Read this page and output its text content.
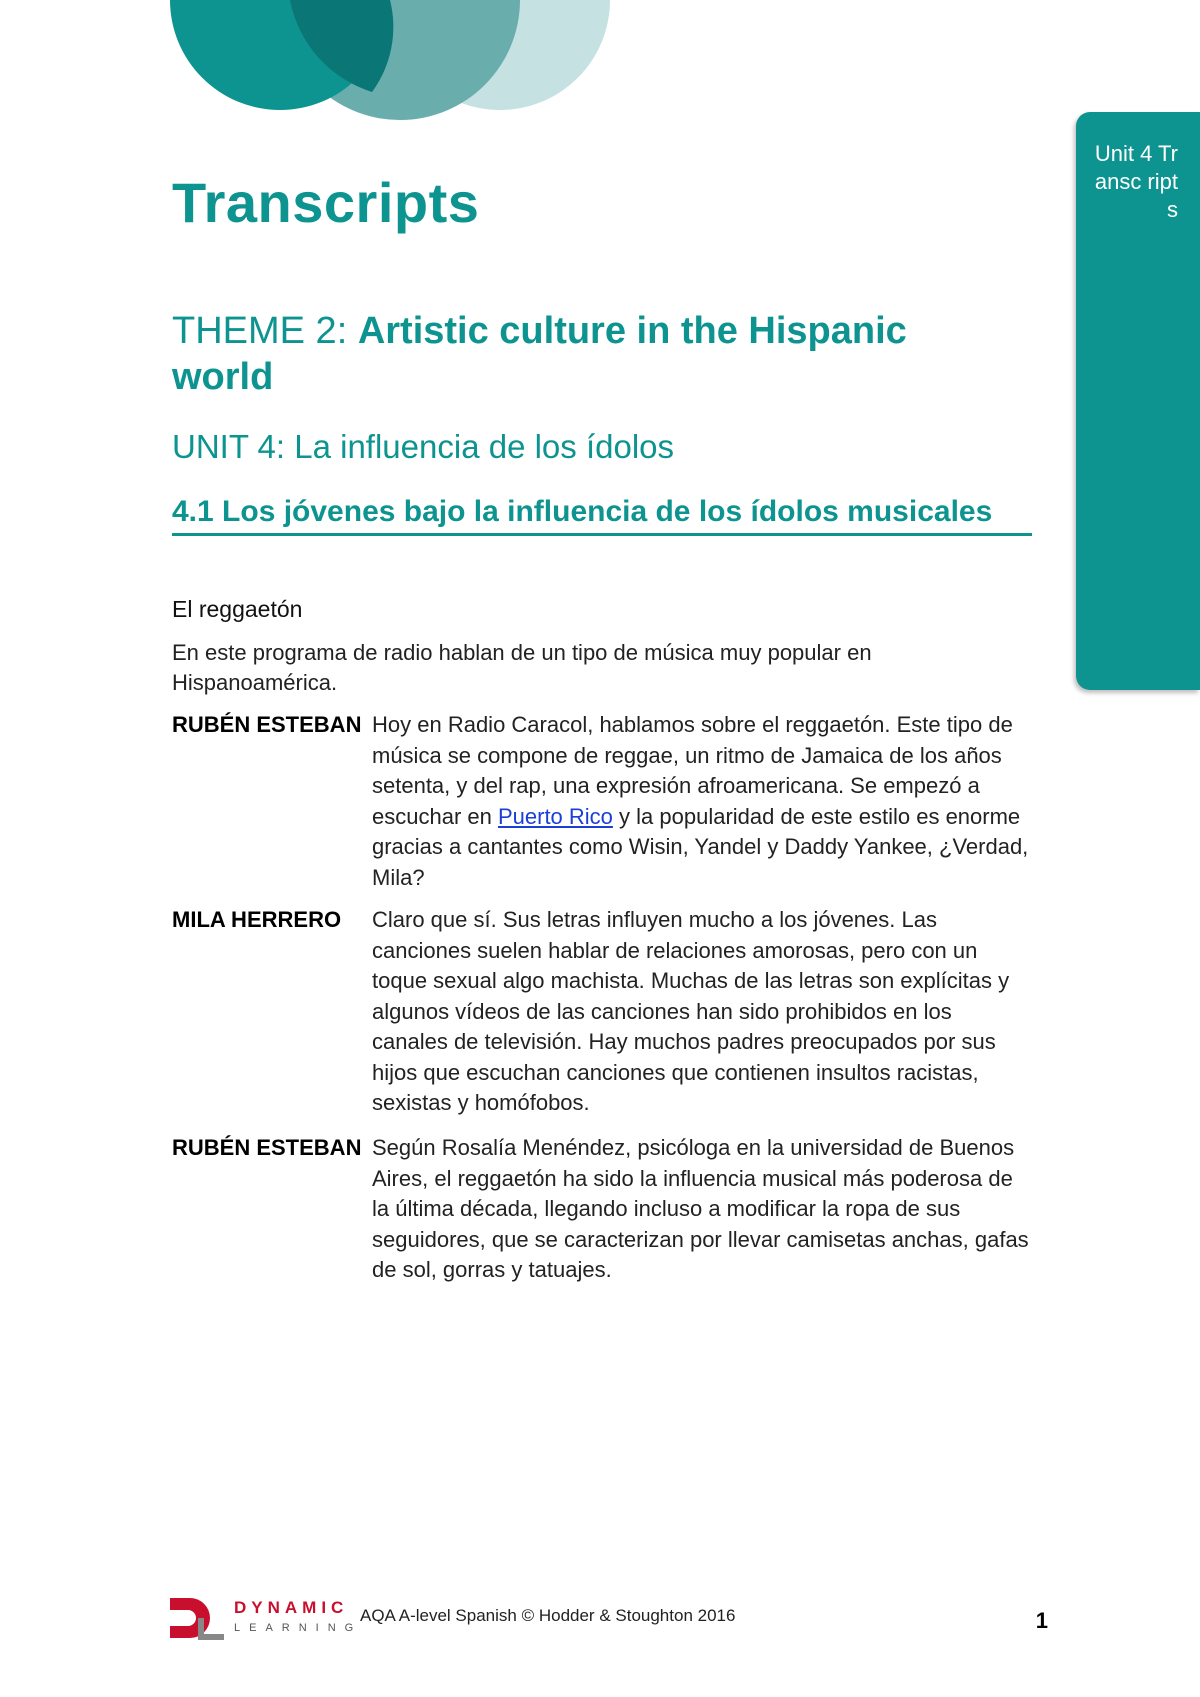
Unit 4 Transc ripts
Transcripts
THEME 2: Artistic culture in the Hispanic world
UNIT 4: La influencia de los ídolos
4.1 Los jóvenes bajo la influencia de los ídolos musicales
El reggaetón

En este programa de radio hablan de un tipo de música muy popular en Hispanoamérica.

RUBÉN ESTEBAN Hoy en Radio Caracol, hablamos sobre el reggaetón. Este tipo de música se compone de reggae, un ritmo de Jamaica de los años setenta, y del rap, una expresión afroamericana. Se empezó a escuchar en Puerto Rico y la popularidad de este estilo es enorme gracias a cantantes como Wisin, Yandel y Daddy Yankee, ¿Verdad, Mila?

MILA HERRERO	Claro que sí. Sus letras influyen mucho a los jóvenes. Las canciones suelen hablar de relaciones amorosas, pero con un toque sexual algo machista. Muchas de las letras son explícitas y algunos vídeos de las canciones han sido prohibidos en los canales de televisión. Hay muchos padres preocupados por sus hijos que escuchan canciones que contienen insultos racistas, sexistas y homófobos.

RUBÉN ESTEBAN Según Rosalía Menéndez, psicóloga en la universidad de Buenos Aires, el reggaetón ha sido la influencia musical más poderosa de la última década, llegando incluso a modificar la ropa de sus seguidores, que se caracterizan por llevar camisetas anchas, gafas de sol, gorras y tatuajes.

DYNAMIC
LEARNING
AQA A-level Spanish © Hodder & Stoughton 2016	1
